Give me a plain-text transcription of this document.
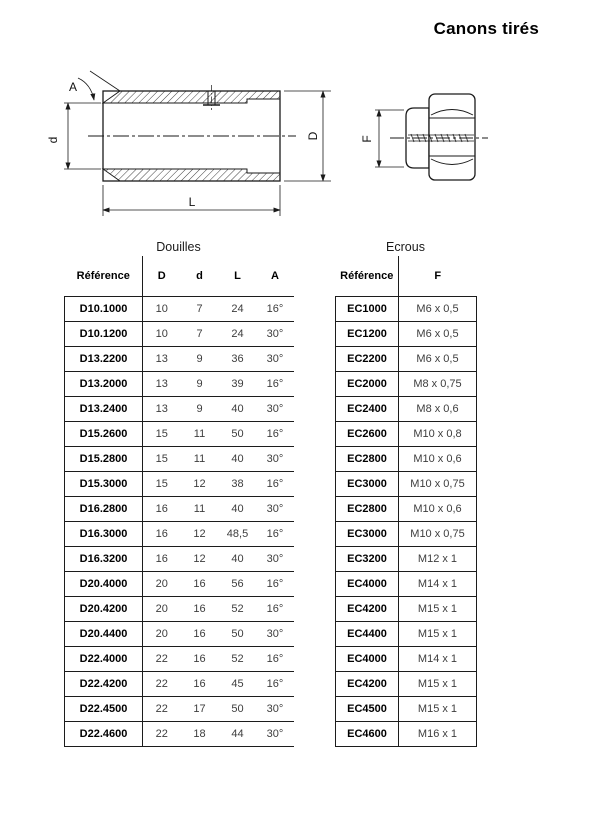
Canons tirés
A
d	D
L
F
Douilles
Référence	D	d	L	A
D10.1000	10	7	24	16°
D10.1200	10	7	24	30°
D13.2200	13	9	36	30°
D13.2000	13	9	39	16°
D13.2400	13	9	40	30°
D15.2600	15	11	50	16°
D15.2800	15	11	40	30°
D15.3000	15	12	38	16°
D16.2800	16	11	40	30°
D16.3000	16	12	48,5	16°
D16.3200	16	12	40	30°
D20.4000	20	16	56	16°
D20.4200	20	16	52	16°
D20.4400	20	16	50	30°
D22.4000	22	16	52	16°
D22.4200	22	16	45	16°
D22.4500	22	17	50	30°
D22.4600	22	18	44	30°
Ecrous
Référence	F
EC1000	M6 x 0,5
EC1200	M6 x 0,5
EC2200	M6 x 0,5
EC2000	M8 x 0,75
EC2400	M8 x 0,6
EC2600	M10 x 0,8
EC2800	M10 x 0,6
EC3000	M10 x 0,75
EC2800	M10 x 0,6
EC3000	M10 x 0,75
EC3200	M12 x 1
EC4000	M14 x 1
EC4200	M15 x 1
EC4400	M15 x 1
EC4000	M14 x 1
EC4200	M15 x 1
EC4500	M15 x 1
EC4600	M16 x 1
